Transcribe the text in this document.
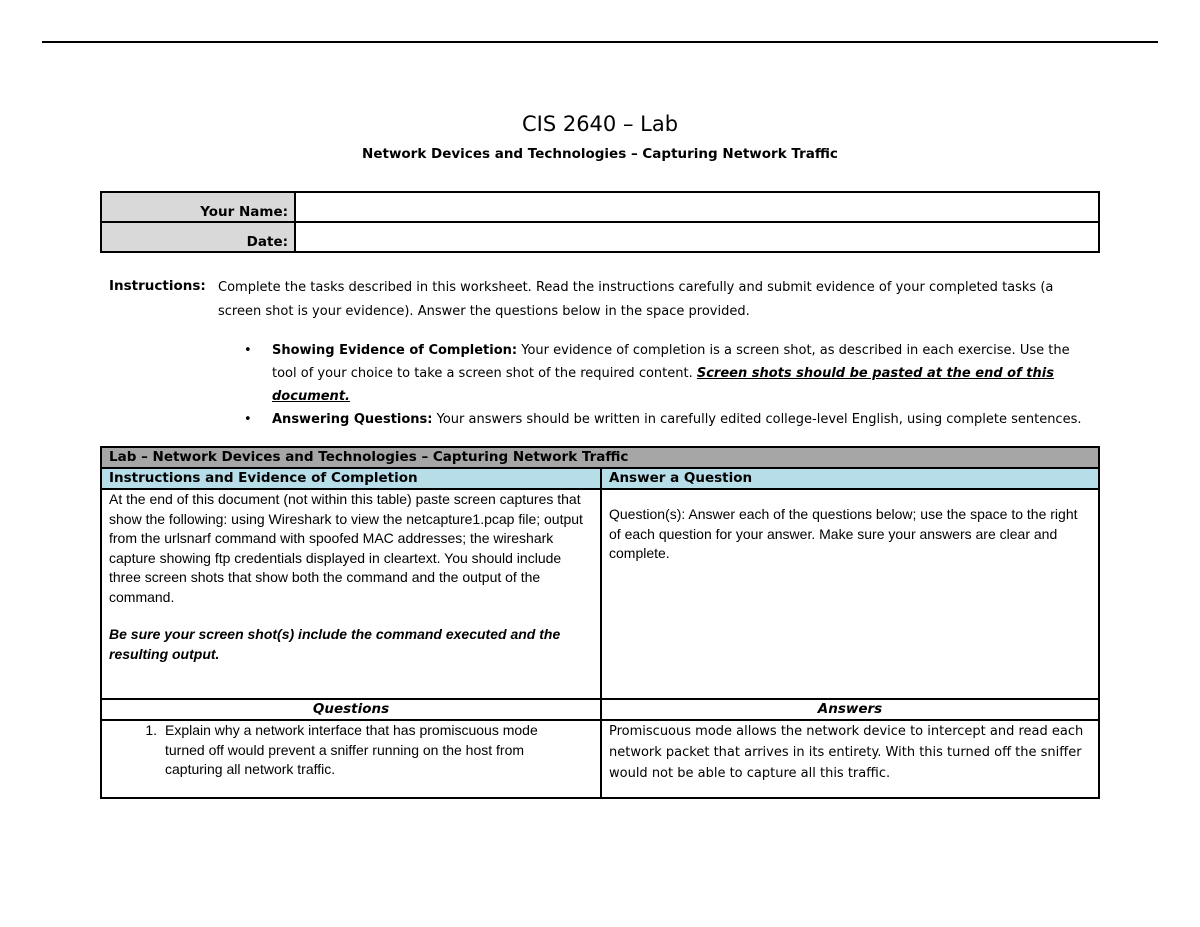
CIS 2640 – Lab
Network Devices and Technologies – Capturing Network Traffic
Your Name:	
Date:	
Instructions: Complete the tasks described in this worksheet. Read the instructions carefully and submit evidence of your completed tasks (a screen shot is your evidence). Answer the questions below in the space provided.
• Showing Evidence of Completion: Your evidence of completion is a screen shot, as described in each exercise. Use the tool of your choice to take a screen shot of the required content. Screen shots should be pasted at the end of this document.
• Answering Questions: Your answers should be written in carefully edited college-level English, using complete sentences.
Lab – Network Devices and Technologies – Capturing Network Traffic	
Instructions and Evidence of Completion	Answer a Question

At the end of this document (not within this table) paste screen captures that show the following: using Wireshark to view the netcapture1.pcap file; output from the urlsnarf command with spoofed MAC addresses; the wireshark capture showing ftp credentials displayed in cleartext. You should include three screen shots that show both the command and the output of the command.
Be sure your screen shot(s) include the command executed and the resulting output.	Question(s): Answer each of the questions below; use the space to the right of each question for your answer. Make sure your answers are clear and complete.

Questions	Answers
1. Explain why a network interface that has promiscuous mode turned off would prevent a sniffer running on the host from capturing all network traffic.	Promiscuous mode allows the network device to intercept and read each network packet that arrives in its entirety. With this turned off the sniffer would not be able to capture all this traffic.
